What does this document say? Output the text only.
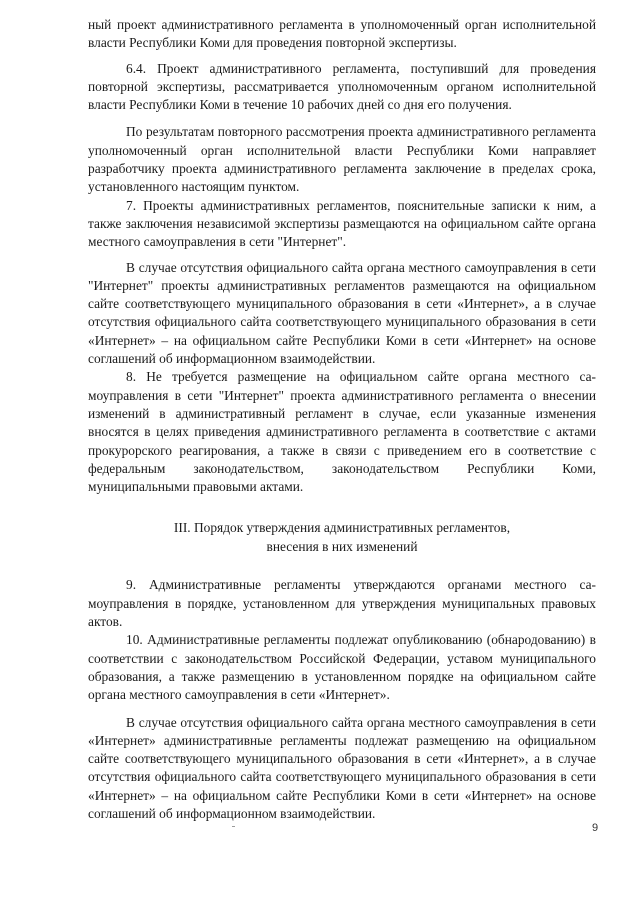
ный проект административного регламента в уполномоченный орган исполнительной власти Республики Коми для проведения повторной экспертизы.

6.4. Проект административного регламента, поступивший для проведения повторной экспертизы, рассматривается уполномоченным органом исполнительной власти Республики Коми в течение 10 рабочих дней со дня его получения.

По результатам повторного рассмотрения проекта административного регламента уполномоченный орган исполнительной власти Республики Коми направляет разработчику проекта административного регламента заключение в пределах срока, установленного настоящим пунктом.

7. Проекты административных регламентов, пояснительные записки к ним, а также заключения независимой экспертизы размещаются на официальном сайте органа местного самоуправления в сети "Интернет".

В случае отсутствия официального сайта органа местного самоуправления в сети "Интернет" проекты административных регламентов размещаются на официальном сайте соответствующего муниципального образования в сети «Интернет», а в случае отсутствия официального сайта соответствующего муниципального образования в сети «Интернет» – на официальном сайте Республики Коми в сети «Интернет» на основе соглашений об информационном взаимодействии.

8. Не требуется размещение на официальном сайте органа местного самоуправления в сети "Интернет" проекта административного регламента о внесении изменений в административный регламент в случае, если указанные изменения вносятся в целях приведения административного регламента в соответствие с актами прокурорского реагирования, а также в связи с приведением его в соответствие с федеральным законодательством, законодательством Республики Коми, муниципальными правовыми актами.

III. Порядок утверждения административных регламентов,
внесения в них изменений

9. Административные регламенты утверждаются органами местного самоуправления в порядке, установленном для утверждения муниципальных правовых актов.

10. Административные регламенты подлежат опубликованию (обнародованию) в соответствии с законодательством Российской Федерации, уставом муниципального образования, а также размещению в установленном порядке на официальном сайте органа местного самоуправления в сети «Интернет».

В случае отсутствия официального сайта органа местного самоуправления в сети «Интернет» административные регламенты подлежат размещению на официальном сайте соответствующего муниципального образования в сети «Интернет», а в случае отсутствия официального сайта соответствующего муниципального образования в сети «Интернет» – на официальном сайте Республики Коми в сети «Интернет» на основе соглашений об информационном взаимодействии.

9
